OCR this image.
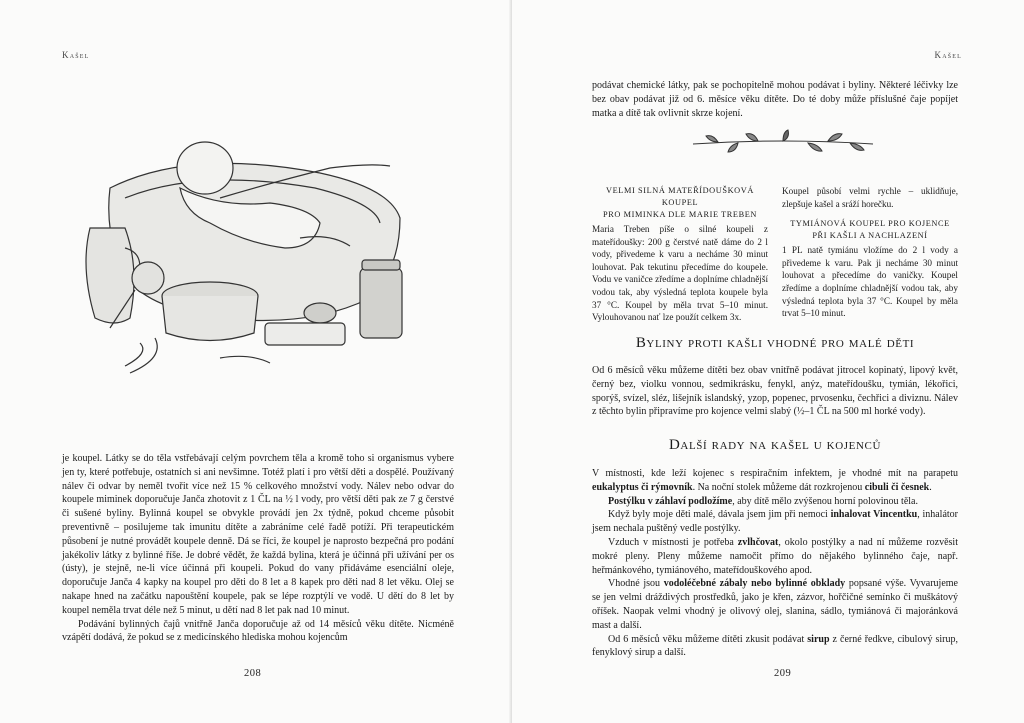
Kašel

je koupel. Látky se do těla vstřebávají celým povrchem těla a kromě toho si organismus vybere jen ty, které potřebuje, ostatních si ani nevšimne. Totéž platí i pro větší děti a dospělé. Používaný nálev či odvar by neměl tvořit více než 15 % celkového množství vody. Nálev nebo odvar do koupele miminek doporučuje Janča zhotovit z 1 ČL na ½ l vody, pro větší děti pak ze 7 g čerstvé či sušené byliny. Bylinná koupel se obvykle provádí jen 2x týdně, pokud chceme působit preventivně – posilujeme tak imunitu dítěte a zabráníme celé řadě potíží. Při terapeutickém působení je nutné provádět koupele denně. Dá se říci, že koupel je naprosto bezpečná pro podání jakékoliv látky z bylinné říše. Je dobré vědět, že každá bylina, která je účinná při užívání per os (ústy), je stejně, ne-li více účinná při koupeli. Pokud do vany přidáváme esenciální oleje, doporučuje Janča 4 kapky na koupel pro děti do 8 let a 8 kapek pro děti nad 8 let věku. Olej se nakape hned na začátku napouštění koupele, pak se lépe rozptýlí ve vodě. U dětí do 8 let by koupel neměla trvat déle než 5 minut, u dětí nad 8 let pak nad 10 minut.

Podávání bylinných čajů vnitřně Janča doporučuje až od 14 měsíců věku dítěte. Nicméně vzápětí dodává, že pokud se z medicínského hlediska mohou kojencům

208
Kašel
209

podávat chemické látky, pak se pochopitelně mohou podávat i byliny. Některé léčivky lze bez obav podávat již od 6. měsíce věku dítěte. Do té doby může příslušné čaje popíjet matka a dítě tak ovlivnit skrze kojení.

VELMI SILNÁ MATEŘÍDOUŠKOVÁ KOUPEL
PRO MIMINKA DLE MARIE TREBEN

Maria Treben píše o silné koupeli z mateřídoušky: 200 g čerstvé natě dáme do 2 l vody, přivedeme k varu a necháme 30 minut louhovat. Pak tekutinu přecedíme do koupele. Vodu ve vaničce zředíme a doplníme chladnější vodou tak, aby výsledná teplota koupele byla 37 °C. Koupel by měla trvat 5–10 minut. Vylouhovanou nať lze použít celkem 3x.

Koupel působí velmi rychle – uklidňuje, zlepšuje kašel a sráží horečku.

TYMIÁNOVÁ KOUPEL PRO KOJENCE
PŘI KAŠLI A NACHLAZENÍ

1 PL natě tymiánu vložíme do 2 l vody a přivedeme k varu. Pak ji necháme 30 minut louhovat a přecedíme do vaničky. Koupel zředíme a doplníme chladnější vodou tak, aby výsledná teplota byla 37 °C. Koupel by měla trvat 5–10 minut.

Byliny proti kašli vhodné pro malé děti

Od 6 měsíců věku můžeme dítěti bez obav vnitřně podávat jitrocel kopinatý, lipový květ, černý bez, violku vonnou, sedmikrásku, fenykl, anýz, mateřídoušku, tymián, lékořici, sporýš, svízel, sléz, lišejník islandský, yzop, popenec, prvosenku, čechřici a diviznu. Nálev z těchto bylin připravíme pro kojence velmi slabý (½–1 ČL na 500 ml horké vody).

Další rady na kašel u kojenců

V místnosti, kde leží kojenec s respiračním infektem, je vhodné mít na parapetu eukalyptus či rýmovník. Na noční stolek můžeme dát rozkrojenou cibuli či česnek.

Postýlku v záhlaví podložíme, aby dítě mělo zvýšenou horní polovinou těla.

Když byly moje děti malé, dávala jsem jim při nemoci inhalovat Vincentku, inhalátor jsem nechala puštěný vedle postýlky.

Vzduch v místnosti je potřeba zvlhčovat, okolo postýlky a nad ní můžeme rozvěsit mokré pleny. Pleny můžeme namočit přímo do nějakého bylinného čaje, např. heřmánkového, tymiánového, mateřídouškového apod.

Vhodné jsou vodoléčebné zábaly nebo bylinné obklady popsané výše. Vyvarujeme se jen velmi dráždivých prostředků, jako je křen, zázvor, hořčičné semínko či muškátový oříšek. Naopak velmi vhodný je olivový olej, slanina, sádlo, tymiánová či majoránková mast a další.

Od 6 měsíců věku můžeme dítěti zkusit podávat sirup z černé ředkve, cibulový sirup, fenyklový sirup a další.
